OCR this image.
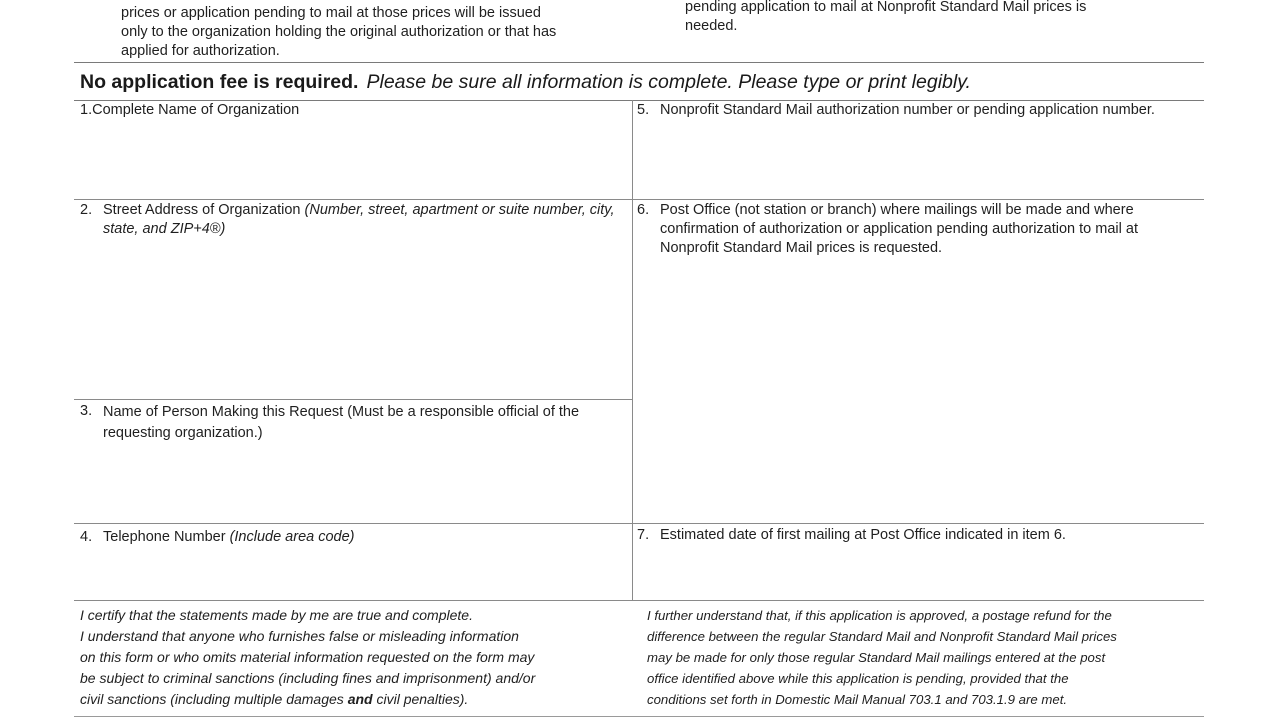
prices or application pending to mail at those prices will be issued
only to the organization holding the original authorization or that has
applied for authorization.
pending application to mail at Nonprofit Standard Mail prices is
needed.
No application fee is required. Please be sure all information is complete. Please type or print legibly.
1.Complete Name of Organization
2. Street Address of Organization (Number, street, apartment or suite number, city, state, and ZIP+4®)
3. Name of Person Making this Request (Must be a responsible official of the requesting organization.)
4. Telephone Number (Include area code)
5. Nonprofit Standard Mail authorization number or pending application number.
6. Post Office (not station or branch) where mailings will be made and where confirmation of authorization or application pending authorization to mail at Nonprofit Standard Mail prices is requested.
7. Estimated date of first mailing at Post Office indicated in item 6.
I certify that the statements made by me are true and complete.
I understand that anyone who furnishes false or misleading information
on this form or who omits material information requested on the form may
be subject to criminal sanctions (including fines and imprisonment) and/or
civil sanctions (including multiple damages and civil penalties).
I further understand that, if this application is approved, a postage refund for the
difference between the regular Standard Mail and Nonprofit Standard Mail prices
may be made for only those regular Standard Mail mailings entered at the post
office identified above while this application is pending, provided that the
conditions set forth in Domestic Mail Manual 703.1 and 703.1.9 are met.
